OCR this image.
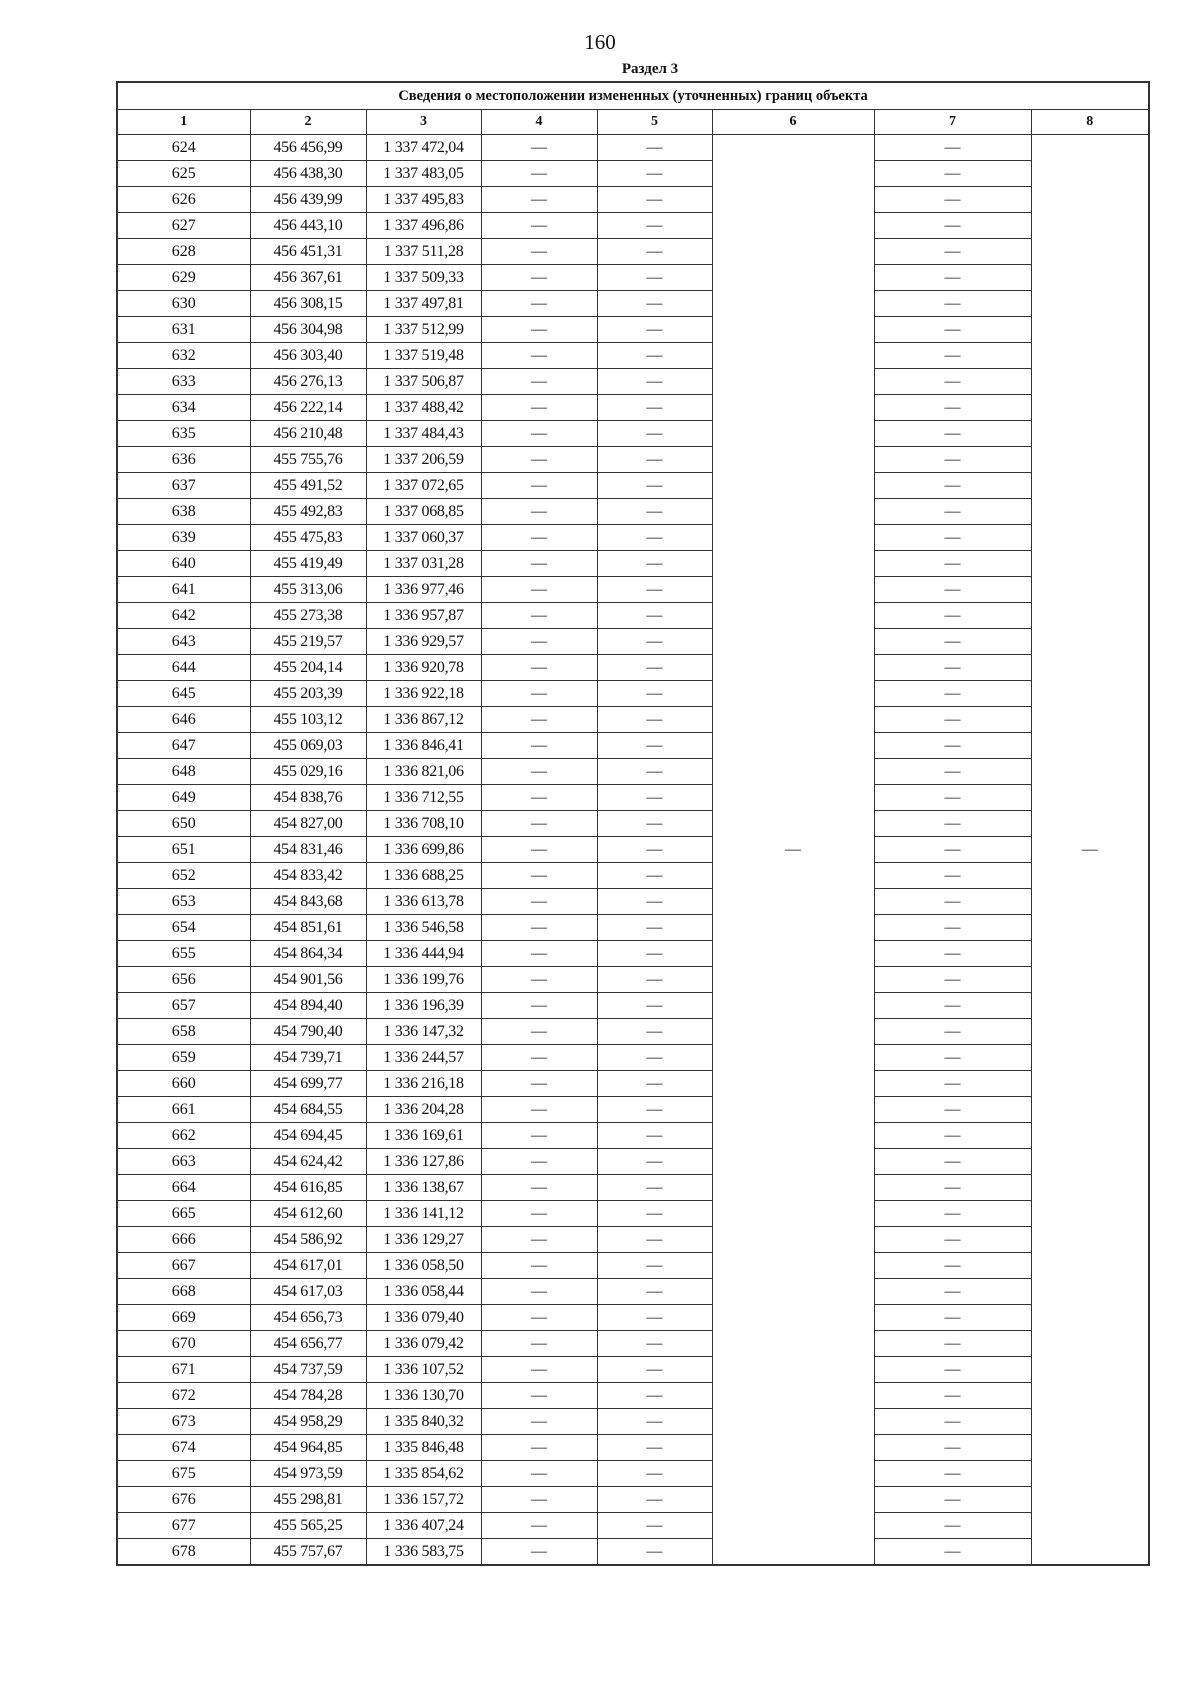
160
Раздел 3
Сведения о местоположении измененных (уточненных) границ объекта							
1	2	3	4	5	6	7	8
624	456 456,99	1 337 472,04	—	—	—	—	—
625	456 438,30	1 337 483,05	—	—		—	
626	456 439,99	1 337 495,83	—	—		—	
627	456 443,10	1 337 496,86	—	—		—	
628	456 451,31	1 337 511,28	—	—		—	
629	456 367,61	1 337 509,33	—	—		—	
630	456 308,15	1 337 497,81	—	—		—	
631	456 304,98	1 337 512,99	—	—		—	
632	456 303,40	1 337 519,48	—	—		—	
633	456 276,13	1 337 506,87	—	—		—	
634	456 222,14	1 337 488,42	—	—		—	
635	456 210,48	1 337 484,43	—	—		—	
636	455 755,76	1 337 206,59	—	—		—	
637	455 491,52	1 337 072,65	—	—		—	
638	455 492,83	1 337 068,85	—	—		—	
639	455 475,83	1 337 060,37	—	—		—	
640	455 419,49	1 337 031,28	—	—		—	
641	455 313,06	1 336 977,46	—	—		—	
642	455 273,38	1 336 957,87	—	—		—	
643	455 219,57	1 336 929,57	—	—		—	
644	455 204,14	1 336 920,78	—	—		—	
645	455 203,39	1 336 922,18	—	—		—	
646	455 103,12	1 336 867,12	—	—		—	
647	455 069,03	1 336 846,41	—	—		—	
648	455 029,16	1 336 821,06	—	—		—	
649	454 838,76	1 336 712,55	—	—		—	
650	454 827,00	1 336 708,10	—	—		—	
651	454 831,46	1 336 699,86	—	—		—	
652	454 833,42	1 336 688,25	—	—		—	
653	454 843,68	1 336 613,78	—	—		—	
654	454 851,61	1 336 546,58	—	—		—	
655	454 864,34	1 336 444,94	—	—		—	
656	454 901,56	1 336 199,76	—	—		—	
657	454 894,40	1 336 196,39	—	—		—	
658	454 790,40	1 336 147,32	—	—		—	
659	454 739,71	1 336 244,57	—	—		—	
660	454 699,77	1 336 216,18	—	—		—	
661	454 684,55	1 336 204,28	—	—		—	
662	454 694,45	1 336 169,61	—	—		—	
663	454 624,42	1 336 127,86	—	—		—	
664	454 616,85	1 336 138,67	—	—		—	
665	454 612,60	1 336 141,12	—	—		—	
666	454 586,92	1 336 129,27	—	—		—	
667	454 617,01	1 336 058,50	—	—		—	
668	454 617,03	1 336 058,44	—	—		—	
669	454 656,73	1 336 079,40	—	—		—	
670	454 656,77	1 336 079,42	—	—		—	
671	454 737,59	1 336 107,52	—	—		—	
672	454 784,28	1 336 130,70	—	—		—	
673	454 958,29	1 335 840,32	—	—		—	
674	454 964,85	1 335 846,48	—	—		—	
675	454 973,59	1 335 854,62	—	—		—	
676	455 298,81	1 336 157,72	—	—		—	
677	455 565,25	1 336 407,24	—	—		—	
678	455 757,67	1 336 583,75	—	—		—	
